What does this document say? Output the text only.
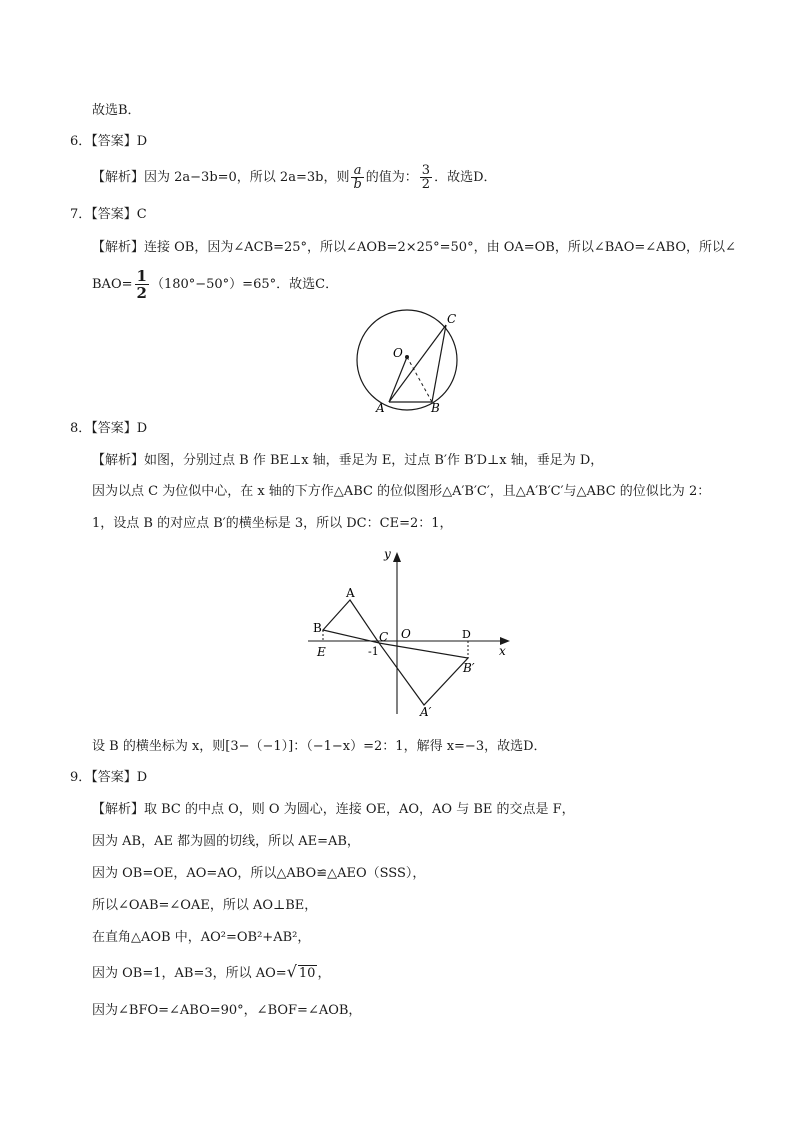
故选B．
6．【答案】D
【解析】因为 2a−3b=0，所以 2a=3b，则 $\frac{a}{b}$ 的值为： $\frac{3}{2}$ ．故选D．
7．【答案】C
【解析】连接 OB，因为∠ACB=25°，所以∠AOB=2×25°=50°，由 OA=OB，所以∠BAO=∠ABO，所以∠
$BAO= \frac{1}{2} (180^\circ-50^\circ)=65^\circ$．故选C．
C
O
A	B
8．【答案】D
【解析】如图，分别过点 B 作 BE⊥x 轴，垂足为 E，过点 B′作 B′D⊥x 轴，垂足为 D，
因为以点 C 为位似中心，在 x 轴的下方作△ABC 的位似图形△A′B′C′，且△A′B′C′与△ABC 的位似比为 2：
1，设点 B 的对应点 B′的横坐标是 3，所以 DC：CE=2：1，
y
x
A
B
C O	D
E	-1
B′
A′
设 B 的横坐标为 x，则[3−（−1）]：（−1−x）=2：1，解得 x=−3，故选D．
9．【答案】D
【解析】取 BC 的中点 O，则 O 为圆心，连接 OE，AO，AO 与 BE 的交点是 F，
因为 AB，AE 都为圆的切线，所以 AE=AB，
因为 OB=OE，AO=AO，所以△ABO≌△AEO（SSS），
所以∠OAB=∠OAE，所以 AO⊥BE，
在直角△AOB 中，AO²=OB²+AB²，
因为 OB=1，AB=3，所以 AO=√ 10 ，
因为∠BFO=∠ABO=90°，∠BOF=∠AOB，
